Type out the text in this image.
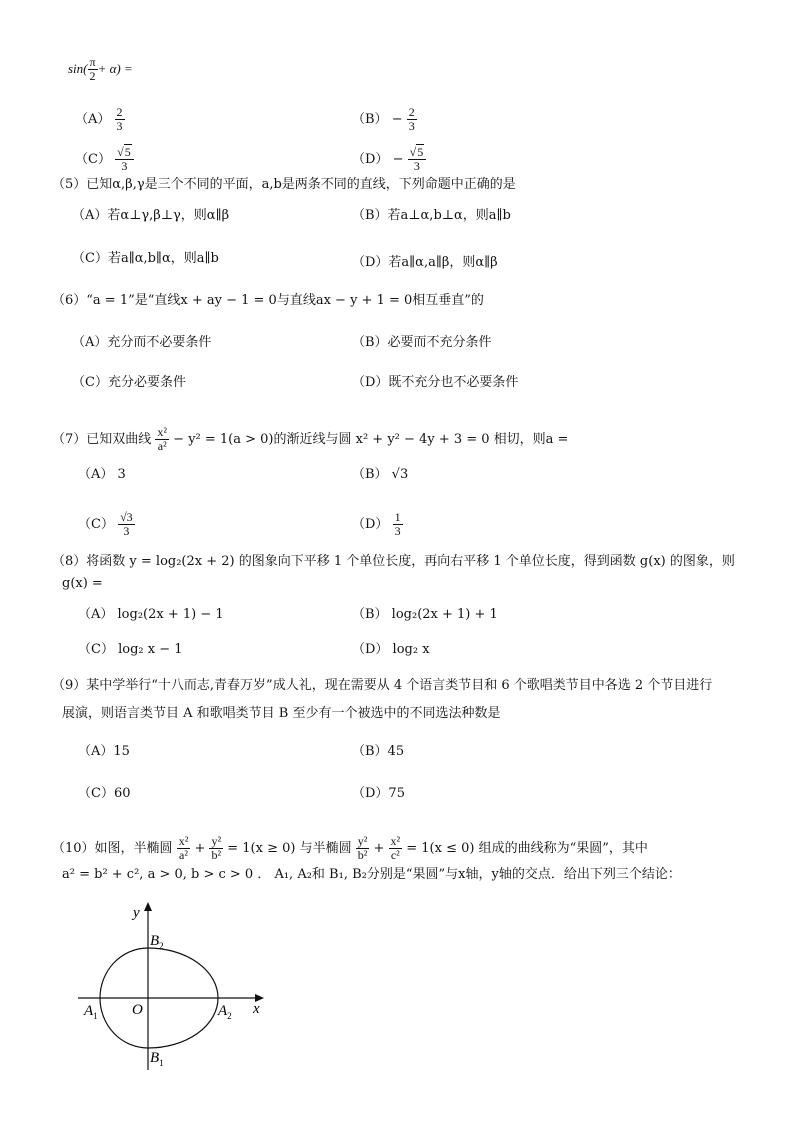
$\sin( \frac{\pi}{2} + \alpha)$ =
$(A) \frac{2}{3}$	$(B) - \frac{2}{3}$
$(C) \frac{√5}{3}$	$(D) - \frac{√5}{3}$
（5）已知α,β,γ是三个不同的平面，a,b是两条不同的直线，下列命题中正确的是
（A）若α⊥γ,β⊥γ，则α∥β	（B）若a⊥α,b⊥α，则a∥b
（C）若a∥α,b∥α，则a∥b	（D）若a∥α,a∥β，则α∥β
（6）“a = 1”是“直线x + ay − 1 = 0与直线ax − y + 1 = 0相互垂直”的
（A）充分而不必要条件	（B）必要而不充分条件
（C）充分必要条件	（D）既不充分也不必要条件
（7）已知双曲线 $\frac{\text{x²}}{\text{a²}} - y^2 = 1(a > 0)$的渐近线与圆 x² + y² − 4y + 3 = 0 相切，则a =
（A） 3	（B） √3
$(C) \frac{√3}{3}$	$(D) \frac{1}{3}$
（8）将函数 y = log₂(2x + 2) 的图象向下平移 1 个单位长度，再向右平移 1 个单位长度，得到函数 g(x) 的图象，则
g(x) =
（A） log₂(2x + 1) − 1	（B） log₂(2x + 1) + 1
（C） log₂ x − 1	（D） log₂ x
（9）某中学举行“十八而志,青春万岁”成人礼，现在需要从 4 个语言类节目和 6 个歌唱类节目中各选 2 个节目进行
展演，则语言类节目 A 和歌唱类节目 B 至少有一个被选中的不同选法种数是
（A）15	（B）45
（C）60	（D）75
（10）如图，半椭圆 $\frac{\text{x²}}{\text{a²}} + \frac{\text{y²}}{\text{b²}} = 1(x \ge 0)$ 与半椭圆 $\frac{\text{y²}}{\text{b²}} + \frac{\text{x²}}{\text{c²}} = 1(x \le 0)$ 组成的曲线称为“果圆”，其中
a² = b² + c², a > 0, b > c > 0 ． A₁, A₂和 B₁, B₂分别是“果圆”与x轴，y轴的交点．给出下列三个结论：
y
x
O
$B_2$
$B_1$
$A_1$	$A_2$
